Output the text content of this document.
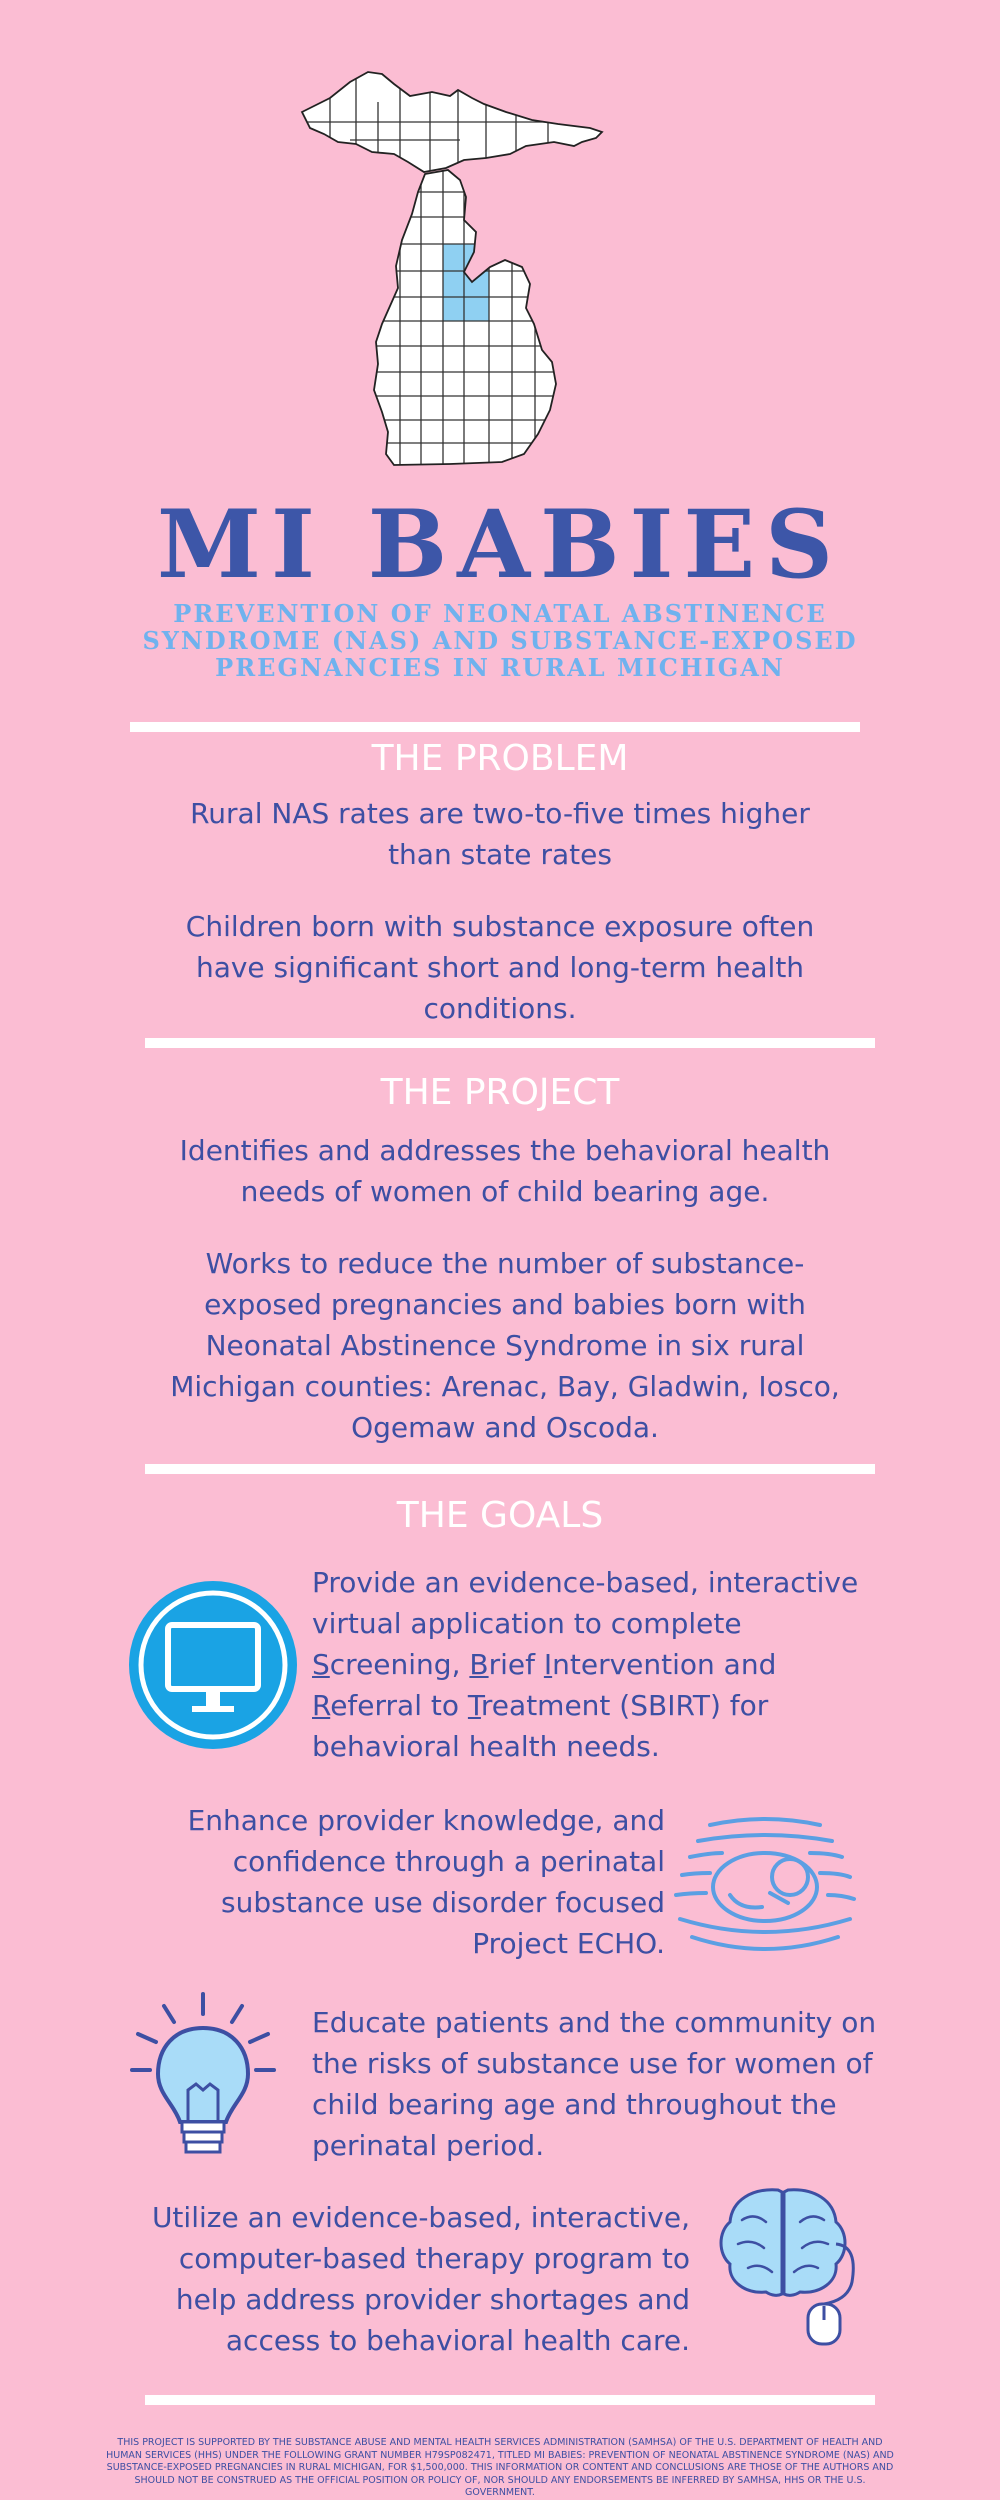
MI BABIES
PREVENTION OF NEONATAL ABSTINENCE SYNDROME (NAS) AND SUBSTANCE-EXPOSED PREGNANCIES IN RURAL MICHIGAN
THE PROBLEM
Rural NAS rates are two-to-five times higher than state rates
Children born with substance exposure often have significant short and long-term health conditions.
THE PROJECT
Identifies and addresses the behavioral health needs of women of child bearing age.
Works to reduce the number of substance-exposed pregnancies and babies born with Neonatal Abstinence Syndrome in six rural Michigan counties: Arenac, Bay, Gladwin, Iosco, Ogemaw and Oscoda.
THE GOALS
Provide an evidence-based, interactive
virtual application to complete
Screening, Brief Intervention and
Referral to Treatment (SBIRT) for
behavioral health needs.
Enhance provider knowledge, and confidence through a perinatal substance use disorder focused Project ECHO.
Educate patients and the community on the risks of substance use for women of child bearing age and throughout the perinatal period.
Utilize an evidence-based, interactive, computer-based therapy program to help address provider shortages and access to behavioral health care.
THIS PROJECT IS SUPPORTED BY THE SUBSTANCE ABUSE AND MENTAL HEALTH SERVICES ADMINISTRATION (SAMHSA) OF THE U.S. DEPARTMENT OF HEALTH AND HUMAN SERVICES (HHS) UNDER THE FOLLOWING GRANT NUMBER H79SP082471, TITLED MI BABIES: PREVENTION OF NEONATAL ABSTINENCE SYNDROME (NAS) AND SUBSTANCE-EXPOSED PREGNANCIES IN RURAL MICHIGAN, FOR $1,500,000. THIS INFORMATION OR CONTENT AND CONCLUSIONS ARE THOSE OF THE AUTHORS AND SHOULD NOT BE CONSTRUED AS THE OFFICIAL POSITION OR POLICY OF, NOR SHOULD ANY ENDORSEMENTS BE INFERRED BY SAMHSA, HHS OR THE U.S. GOVERNMENT.
